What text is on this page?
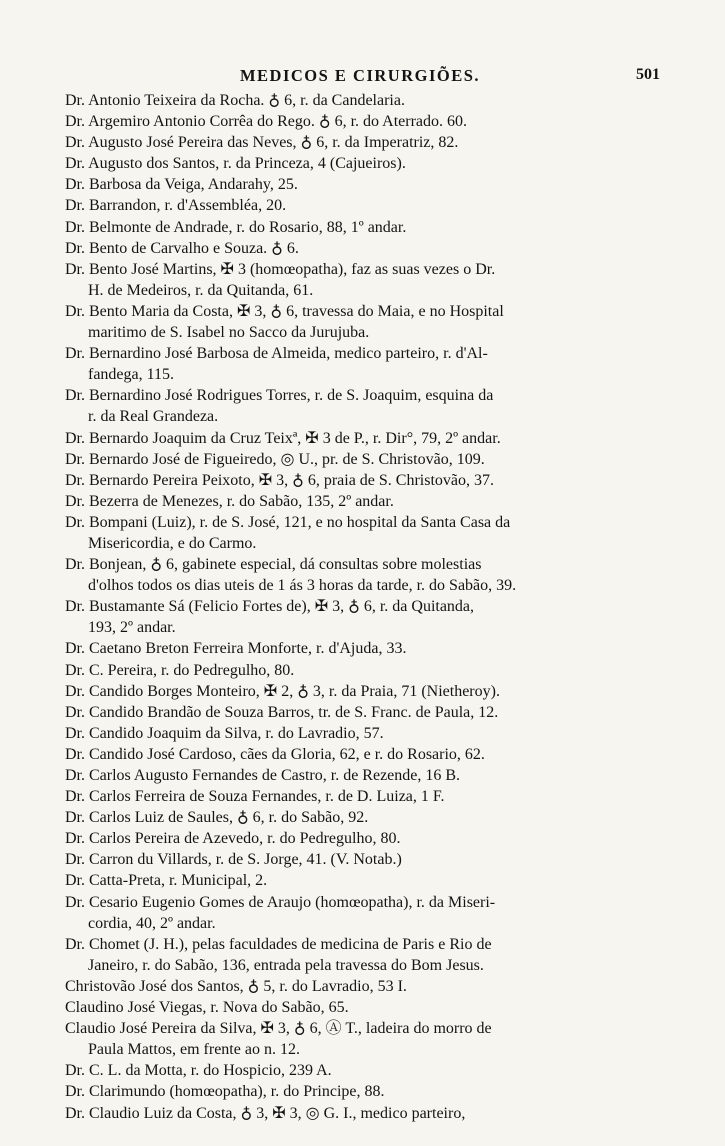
MEDICOS E CIRURGIÕES.	501

Dr. Antonio Teixeira da Rocha. ♁ 6, r. da Candelaria.

Dr. Argemiro Antonio Corrêa do Rego. ♁ 6, r. do Aterrado. 60.

Dr. Augusto José Pereira das Neves, ♁ 6, r. da Imperatriz, 82.

Dr. Augusto dos Santos, r. da Princeza, 4 (Cajueiros).

Dr. Barbosa da Veiga, Andarahy, 25.

Dr. Barrandon, r. d'Assembléa, 20.

Dr. Belmonte de Andrade, r. do Rosario, 88, 1º andar.

Dr. Bento de Carvalho e Souza. ♁ 6.

Dr. Bento José Martins, ✠ 3 (homœopatha), faz as suas vezes o Dr.
H. de Medeiros, r. da Quitanda, 61.

Dr. Bento Maria da Costa, ✠ 3, ♁ 6, travessa do Maia, e no Hospital
maritimo de S. Isabel no Sacco da Jurujuba.

Dr. Bernardino José Barbosa de Almeida, medico parteiro, r. d'Al-
fandega, 115.

Dr. Bernardino José Rodrigues Torres, r. de S. Joaquim, esquina da
r. da Real Grandeza.

Dr. Bernardo Joaquim da Cruz Teixª, ✠ 3 de P., r. Dir°, 79, 2º andar.

Dr. Bernardo José de Figueiredo, ◎ U., pr. de S. Christovão, 109.

Dr. Bernardo Pereira Peixoto, ✠ 3, ♁ 6, praia de S. Christovão, 37.

Dr. Bezerra de Menezes, r. do Sabão, 135, 2º andar.

Dr. Bompani (Luiz), r. de S. José, 121, e no hospital da Santa Casa da
Misericordia, e do Carmo.

Dr. Bonjean, ♁ 6, gabinete especial, dá consultas sobre molestias
d'olhos todos os dias uteis de 1 ás 3 horas da tarde, r. do Sabão, 39.

Dr. Bustamante Sá (Felicio Fortes de), ✠ 3, ♁ 6, r. da Quitanda,
193, 2º andar.

Dr. Caetano Breton Ferreira Monforte, r. d'Ajuda, 33.

Dr. C. Pereira, r. do Pedregulho, 80.

Dr. Candido Borges Monteiro, ✠ 2, ♁ 3, r. da Praia, 71 (Nietheroy).

Dr. Candido Brandão de Souza Barros, tr. de S. Franc. de Paula, 12.

Dr. Candido Joaquim da Silva, r. do Lavradio, 57.

Dr. Candido José Cardoso, cães da Gloria, 62, e r. do Rosario, 62.

Dr. Carlos Augusto Fernandes de Castro, r. de Rezende, 16 B.

Dr. Carlos Ferreira de Souza Fernandes, r. de D. Luiza, 1 F.

Dr. Carlos Luiz de Saules, ♁ 6, r. do Sabão, 92.

Dr. Carlos Pereira de Azevedo, r. do Pedregulho, 80.

Dr. Carron du Villards, r. de S. Jorge, 41. (V. Notab.)

Dr. Catta-Preta, r. Municipal, 2.

Dr. Cesario Eugenio Gomes de Araujo (homœopatha), r. da Miseri-
cordia, 40, 2º andar.

Dr. Chomet (J. H.), pelas faculdades de medicina de Paris e Rio de
Janeiro, r. do Sabão, 136, entrada pela travessa do Bom Jesus.

Christovão José dos Santos, ♁ 5, r. do Lavradio, 53 I.

Claudino José Viegas, r. Nova do Sabão, 65.

Claudio José Pereira da Silva, ✠ 3, ♁ 6, Ⓐ T., ladeira do morro de
Paula Mattos, em frente ao n. 12.

Dr. C. L. da Motta, r. do Hospicio, 239 A.

Dr. Clarimundo (homœopatha), r. do Principe, 88.

Dr. Claudio Luiz da Costa, ♁ 3, ✠ 3, ◎ G. I., medico parteiro,
